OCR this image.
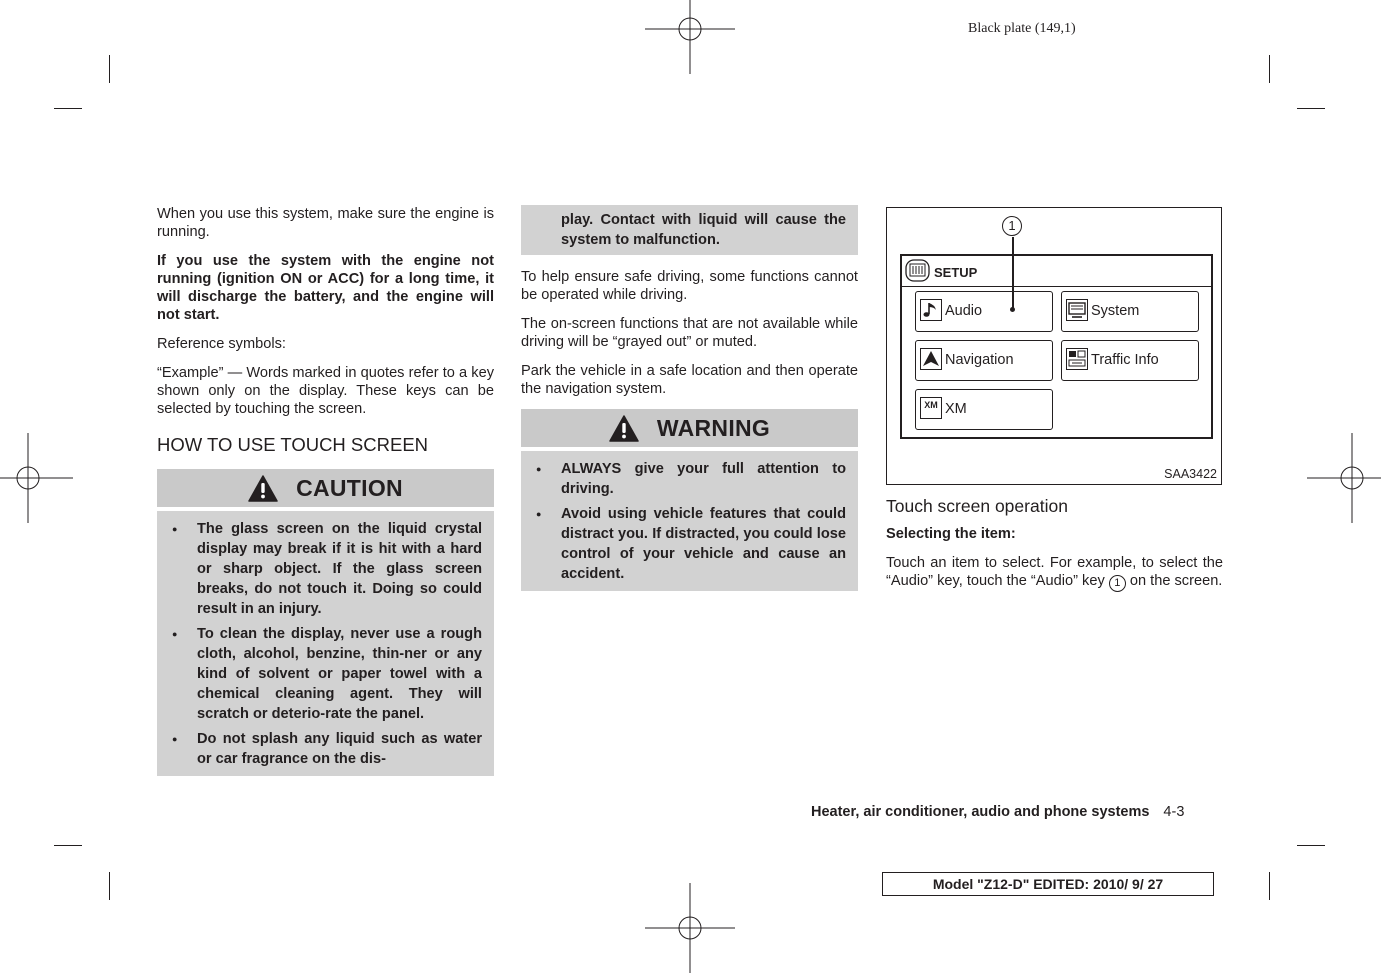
Black plate (149,1)

When you use this system, make sure the engine is running.

If you use the system with the engine not running (ignition ON or ACC) for a long time, it will discharge the battery, and the engine will not start.

Reference symbols:

“Example” — Words marked in quotes refer to a key shown only on the display. These keys can be selected by touching the screen.

HOW TO USE TOUCH SCREEN
CAUTION
● The glass screen on the liquid crystal display may break if it is hit with a hard or sharp object. If the glass screen breaks, do not touch it. Doing so could result in an injury.
● To clean the display, never use a rough cloth, alcohol, benzine, thin-ner or any kind of solvent or paper towel with a chemical cleaning agent. They will scratch or deterio-rate the panel.
● Do not splash any liquid such as water or car fragrance on the dis-
play. Contact with liquid will cause the system to malfunction.

To help ensure safe driving, some functions cannot be operated while driving.

The on-screen functions that are not available while driving will be “grayed out” or muted.

Park the vehicle in a safe location and then operate the navigation system.

WARNING
● ALWAYS give your full attention to driving.
● Avoid using vehicle features that could distract you. If distracted, you could lose control of your vehicle and cause an accident.
1
SETUP
Audio	System
Navigation	Traffic Info
XM XM
SAA3422
Touch screen operation

Selecting the item:

Touch an item to select. For example, to select the “Audio” key, touch the “Audio” key 1 on the screen.

Heater, air conditioner, audio and phone systems 4-3
Model "Z12-D" EDITED: 2010/ 9/ 27
